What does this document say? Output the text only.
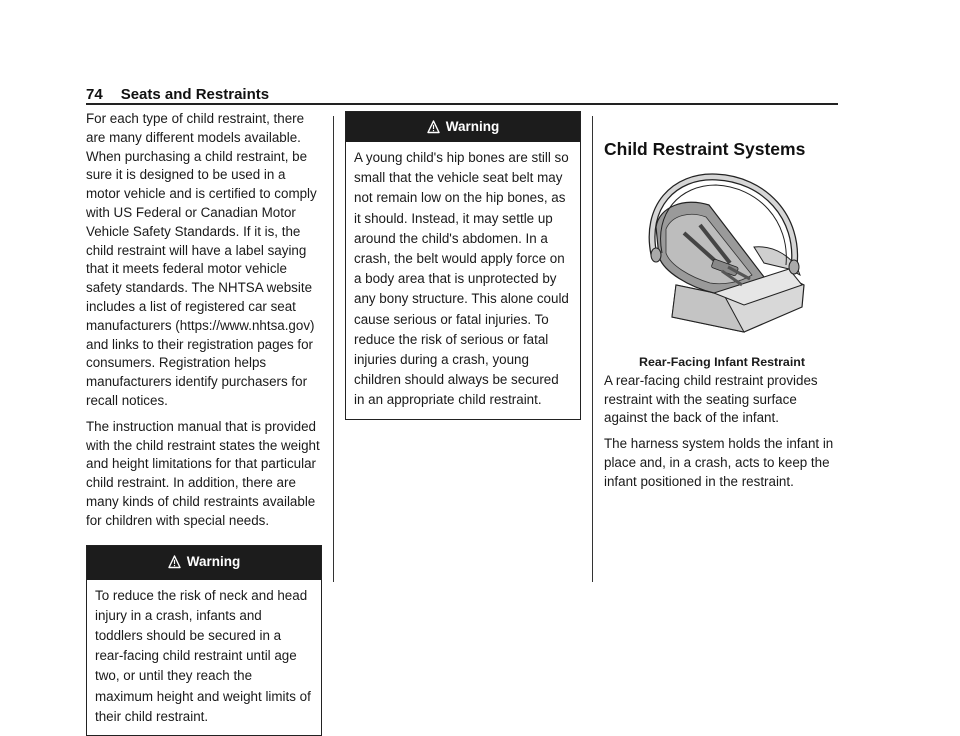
74 Seats and Restraints

For each type of child restraint, there are many different models available. When purchasing a child restraint, be sure it is designed to be used in a motor vehicle and is certified to comply with US Federal or Canadian Motor Vehicle Safety Standards. If it is, the child restraint will have a label saying that it meets federal motor vehicle safety standards. The NHTSA website includes a list of registered car seat manufacturers (https://www.nhtsa.gov) and links to their registration pages for consumers. Registration helps manufacturers identify purchasers for recall notices.

The instruction manual that is provided with the child restraint states the weight and height limitations for that particular child restraint. In addition, there are many kinds of child restraints available for children with special needs.

Warning
To reduce the risk of neck and head injury in a crash, infants and toddlers should be secured in a rear-facing child restraint until age two, or until they reach the maximum height and weight limits of their child restraint.
Warning
A young child's hip bones are still so small that the vehicle seat belt may not remain low on the hip bones, as it should. Instead, it may settle up around the child's abdomen. In a crash, the belt would apply force on a body area that is unprotected by any bony structure. This alone could cause serious or fatal injuries. To reduce the risk of serious or fatal injuries during a crash, young children should always be secured in an appropriate child restraint.
Child Restraint Systems
Rear-Facing Infant Restraint

A rear-facing child restraint provides restraint with the seating surface against the back of the infant.

The harness system holds the infant in place and, in a crash, acts to keep the infant positioned in the restraint.
